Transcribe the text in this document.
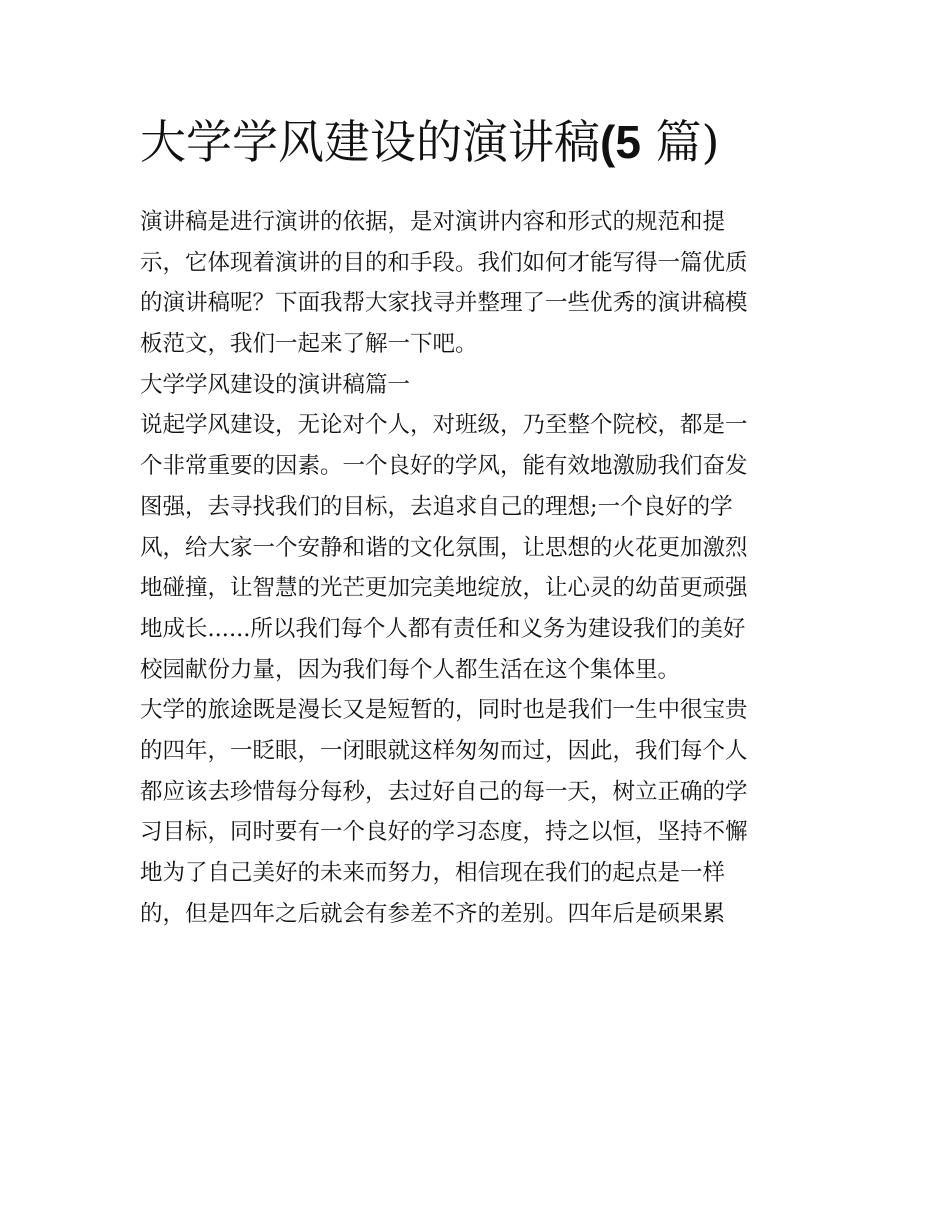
大学学风建设的演讲稿(5 篇)
演讲稿是进行演讲的依据，是对演讲内容和形式的规范和提
示，它体现着演讲的目的和手段。我们如何才能写得一篇优质
的演讲稿呢？下面我帮大家找寻并整理了一些优秀的演讲稿模
板范文，我们一起来了解一下吧。
大学学风建设的演讲稿篇一
说起学风建设，无论对个人，对班级，乃至整个院校，都是一
个非常重要的因素。一个良好的学风，能有效地激励我们奋发
图强，去寻找我们的目标，去追求自己的理想;一个良好的学
风，给大家一个安静和谐的文化氛围，让思想的火花更加激烈
地碰撞，让智慧的光芒更加完美地绽放，让心灵的幼苗更顽强
地成长......所以我们每个人都有责任和义务为建设我们的美好
校园献份力量，因为我们每个人都生活在这个集体里。
大学的旅途既是漫长又是短暂的，同时也是我们一生中很宝贵
的四年，一眨眼，一闭眼就这样匆匆而过，因此，我们每个人
都应该去珍惜每分每秒，去过好自己的每一天，树立正确的学
习目标，同时要有一个良好的学习态度，持之以恒，坚持不懈
地为了自己美好的未来而努力，相信现在我们的起点是一样
的，但是四年之后就会有参差不齐的差别。四年后是硕果累
